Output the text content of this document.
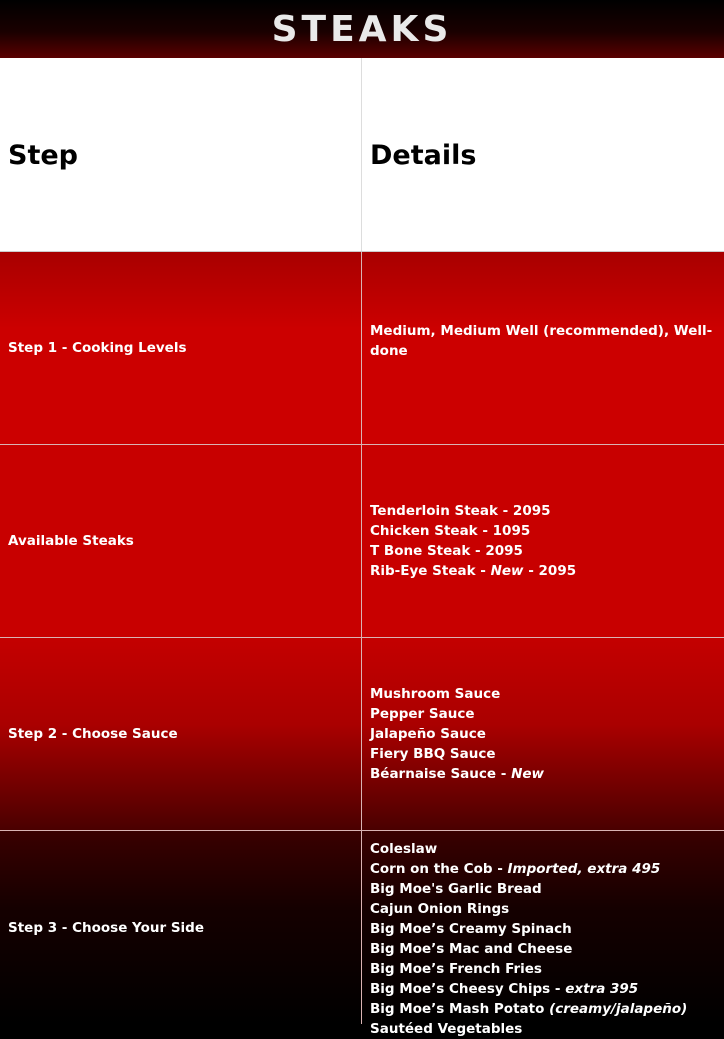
STEAKS
Step	Details
Step 1 - Cooking Levels
Medium, Medium Well (recommended), Well-done
Available Steaks
Tenderloin Steak - 2095
Chicken Steak - 1095
T Bone Steak - 2095
Rib-Eye Steak - New - 2095
Step 2 - Choose Sauce
Mushroom Sauce
Pepper Sauce
Jalapeño Sauce
Fiery BBQ Sauce
Béarnaise Sauce - New
Step 3 - Choose Your Side
Coleslaw
Corn on the Cob - Imported, extra 495
Big Moe's Garlic Bread
Cajun Onion Rings
Big Moe’s Creamy Spinach
Big Moe’s Mac and Cheese
Big Moe’s French Fries
Big Moe’s Cheesy Chips - extra 395
Big Moe’s Mash Potato (creamy/jalapeño)
Sautéed Vegetables
